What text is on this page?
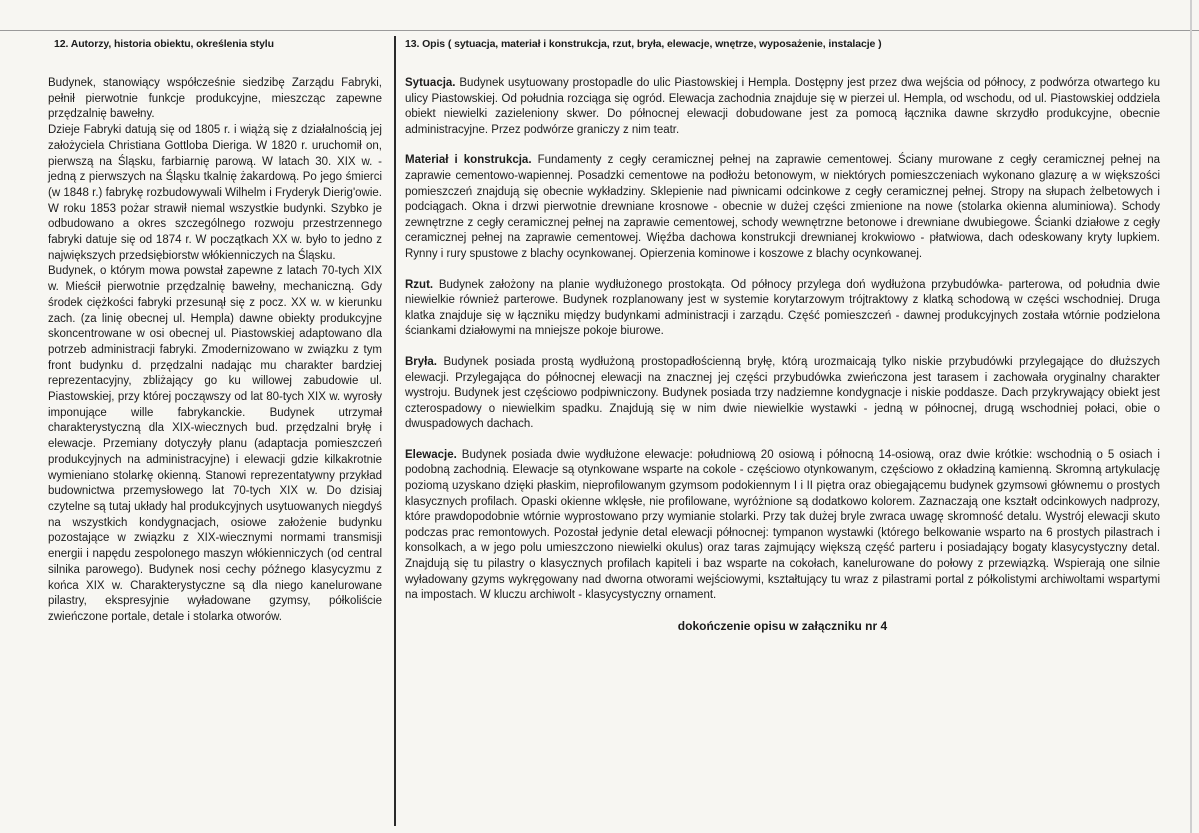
12. Autorzy, historia obiektu, określenia stylu

Budynek, stanowiący współcześnie siedzibę Zarządu Fabryki, pełnił pierwotnie funkcje produkcyjne, mieszcząc zapewne przędzalnię bawełny.

Dzieje Fabryki datują się od 1805 r. i wiążą się z działalnością jej założyciela Christiana Gottloba Dieriga. W 1820 r. uruchomił on, pierwszą na Śląsku, farbiarnię parową. W latach 30. XIX w. - jedną z pierwszych na Śląsku tkalnię żakardową. Po jego śmierci (w 1848 r.) fabrykę rozbudowywali Wilhelm i Fryderyk Dierig'owie. W roku 1853 pożar strawił niemal wszystkie budynki. Szybko je odbudowano a okres szczególnego rozwoju przestrzennego fabryki datuje się od 1874 r. W początkach XX w. było to jedno z największych przedsiębiorstw włókienniczych na Śląsku.

Budynek, o którym mowa powstał zapewne z latach 70-tych XIX w. Mieścił pierwotnie przędzalnię bawełny, mechaniczną. Gdy środek ciężkości fabryki przesunął się z pocz. XX w. w kierunku zach. (za linię obecnej ul. Hempla) dawne obiekty produkcyjne skoncentrowane w osi obecnej ul. Piastowskiej adaptowano dla potrzeb administracji fabryki. Zmodernizowano w związku z tym front budynku d. przędzalni nadając mu charakter bardziej reprezentacyjny, zbliżający go ku willowej zabudowie ul. Piastowskiej, przy której począwszy od lat 80-tych XIX w. wyrosły imponujące wille fabrykanckie. Budynek utrzymał charakterystyczną dla XIX-wiecznych bud. przędzalni bryłę i elewacje. Przemiany dotyczyły planu (adaptacja pomieszczeń produkcyjnych na administracyjne) i elewacji gdzie kilkakrotnie wymieniano stolarkę okienną. Stanowi reprezentatywny przykład budownictwa przemysłowego lat 70-tych XIX w. Do dzisiaj czytelne są tutaj układy hal produkcyjnych usytuowanych niegdyś na wszystkich kondygnacjach, osiowe założenie budynku pozostające w związku z XIX-wiecznymi normami transmisji energii i napędu zespolonego maszyn włókienniczych (od central silnika parowego). Budynek nosi cechy późnego klasycyzmu z końca XIX w. Charakterystyczne są dla niego kanelurowane pilastry, ekspresyjnie wyładowane gzymsy, półkoliście zwieńczone portale, detale i stolarka otworów.

13. Opis ( sytuacja, materiał i konstrukcja, rzut, bryła, elewacje, wnętrze, wyposażenie, instalacje )

Sytuacja. Budynek usytuowany prostopadle do ulic Piastowskiej i Hempla. Dostępny jest przez dwa wejścia od północy, z podwórza otwartego ku ulicy Piastowskiej. Od południa rozciąga się ogród. Elewacja zachodnia znajduje się w pierzei ul. Hempla, od wschodu, od ul. Piastowskiej oddziela obiekt niewielki zazieleniony skwer. Do północnej elewacji dobudowane jest za pomocą łącznika dawne skrzydło produkcyjne, obecnie administracyjne. Przez podwórze graniczy z nim teatr.

Materiał i konstrukcja. Fundamenty z cegły ceramicznej pełnej na zaprawie cementowej. Ściany murowane z cegły ceramicznej pełnej na zaprawie cementowo-wapiennej. Posadzki cementowe na podłożu betonowym, w niektórych pomieszczeniach wykonano glazurę a w większości pomieszczeń znajdują się obecnie wykładziny. Sklepienie nad piwnicami odcinkowe z cegły ceramicznej pełnej. Stropy na słupach żelbetowych i podciągach. Okna i drzwi pierwotnie drewniane krosnowe - obecnie w dużej części zmienione na nowe (stolarka okienna aluminiowa). Schody zewnętrzne z cegły ceramicznej pełnej na zaprawie cementowej, schody wewnętrzne betonowe i drewniane dwubiegowe. Ścianki działowe z cegły ceramicznej pełnej na zaprawie cementowej. Więźba dachowa konstrukcji drewnianej krokwiowo - płatwiowa, dach odeskowany kryty lupkiem. Rynny i rury spustowe z blachy ocynkowanej. Opierzenia kominowe i koszowe z blachy ocynkowanej.

Rzut. Budynek założony na planie wydłużonego prostokąta. Od północy przylega doń wydłużona przybudówka- parterowa, od południa dwie niewielkie również parterowe. Budynek rozplanowany jest w systemie korytarzowym trójtraktowy z klatką schodową w części wschodniej. Druga klatka znajduje się w łączniku między budynkami administracji i zarządu. Część pomieszczeń - dawnej produkcyjnych została wtórnie podzielona ściankami działowymi na mniejsze pokoje biurowe.

Bryła. Budynek posiada prostą wydłużoną prostopadłościenną bryłę, którą urozmaicają tylko niskie przybudówki przylegające do dłuższych elewacji. Przylegająca do północnej elewacji na znacznej jej części przybudówka zwieńczona jest tarasem i zachowała oryginalny charakter wystroju. Budynek jest częściowo podpiwniczony. Budynek posiada trzy nadziemne kondygnacje i niskie poddasze. Dach przykrywający obiekt jest czterospadowy o niewielkim spadku. Znajdują się w nim dwie niewielkie wystawki - jedną w północnej, drugą wschodniej połaci, obie o dwuspadowych dachach.

Elewacje. Budynek posiada dwie wydłużone elewacje: południową 20 osiową i północną 14-osiową, oraz dwie krótkie: wschodnią o 5 osiach i podobną zachodnią. Elewacje są otynkowane wsparte na cokole - częściowo otynkowanym, częściowo z okładziną kamienną. Skromną artykulację poziomą uzyskano dzięki płaskim, nieprofilowanym gzymsom podokiennym I i II piętra oraz obiegającemu budynek gzymsowi głównemu o prostych klasycznych profilach. Opaski okienne wklęsłe, nie profilowane, wyróżnione są dodatkowo kolorem. Zaznaczają one kształt odcinkowych nadprozy, które prawdopodobnie wtórnie wyprostowano przy wymianie stolarki. Przy tak dużej bryle zwraca uwagę skromność detalu. Wystrój elewacji skuto podczas prac remontowych. Pozostał jedynie detal elewacji północnej: tympanon wystawki (którego belkowanie wsparto na 6 prostych pilastrach i konsolkach, a w jego polu umieszczono niewielki okulus) oraz taras zajmujący większą część parteru i posiadający bogaty klasycystyczny detal. Znajdują się tu pilastry o klasycznych profilach kapiteli i baz wsparte na cokołach, kanelurowane do połowy z przewiązką. Wspierają one silnie wyładowany gzyms wykręgowany nad dworna otworami wejściowymi, kształtujący tu wraz z pilastrami portal z półkolistymi archiwoltami wspartymi na impostach. W kluczu archiwolt - klasycystyczny ornament.

dokończenie opisu w załączniku nr 4
